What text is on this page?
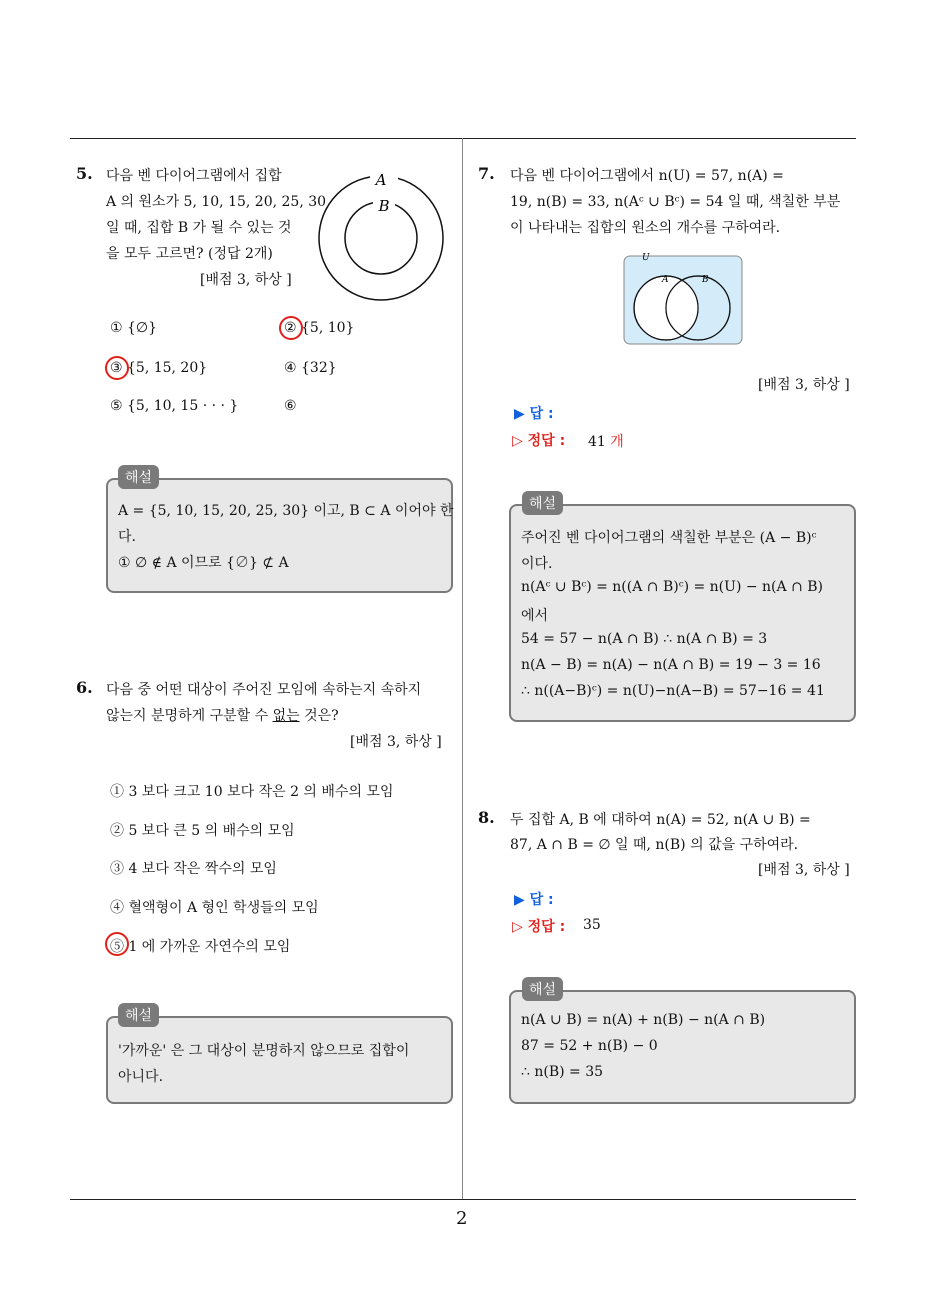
2
5. 다음 벤 다이어그램에서 집합
A 의 원소가 5, 10, 15, 20, 25, 30
일 때, 집합 B 가 될 수 있는 것
을 모두 고르면? (정답 2개)
[배점 3, 하상 ]
A
B
① {∅}	② {5, 10}
③ {5, 15, 20}	④ {32}
⑤ {5, 10, 15 · · · }	⑥
해설
A = {5, 10, 15, 20, 25, 30} 이고, B ⊂ A 이어야 한
다.
① ∅ ∉ A 이므로 {∅} ⊄ A
6. 다음 중 어떤 대상이 주어진 모임에 속하는지 속하지
않는지 분명하게 구분할 수 없는 것은?
[배점 3, 하상 ]
① 3 보다 크고 10 보다 작은 2 의 배수의 모임
② 5 보다 큰 5 의 배수의 모임
③ 4 보다 작은 짝수의 모임
④ 혈액형이 A 형인 학생들의 모임
⑤ 1 에 가까운 자연수의 모임
해설
'가까운' 은 그 대상이 분명하지 않으므로 집합이
아니다.
7. 다음 벤 다이어그램에서 n(U) = 57, n(A) =
19, n(B) = 33, n(Aᶜ ∪ Bᶜ) = 54 일 때, 색칠한 부분
이 나타내는 집합의 원소의 개수를 구하여라.
U
A	B
[배점 3, 하상 ]
▶ 답 :
▷ 정답 : 41 개
해설
주어진 벤 다이어그램의 색칠한 부분은 (A − B)ᶜ
이다.
n(Aᶜ ∪ Bᶜ) = n((A ∩ B)ᶜ) = n(U) − n(A ∩ B)
에서
54 = 57 − n(A ∩ B) ∴ n(A ∩ B) = 3
n(A − B) = n(A) − n(A ∩ B) = 19 − 3 = 16
∴ n((A−B)ᶜ) = n(U)−n(A−B) = 57−16 = 41
8. 두 집합 A, B 에 대하여 n(A) = 52, n(A ∪ B) =
87, A ∩ B = ∅ 일 때, n(B) 의 값을 구하여라.
[배점 3, 하상 ]
▶ 답 :
▷ 정답 : 35
해설
n(A ∪ B) = n(A) + n(B) − n(A ∩ B)
87 = 52 + n(B) − 0
∴ n(B) = 35
